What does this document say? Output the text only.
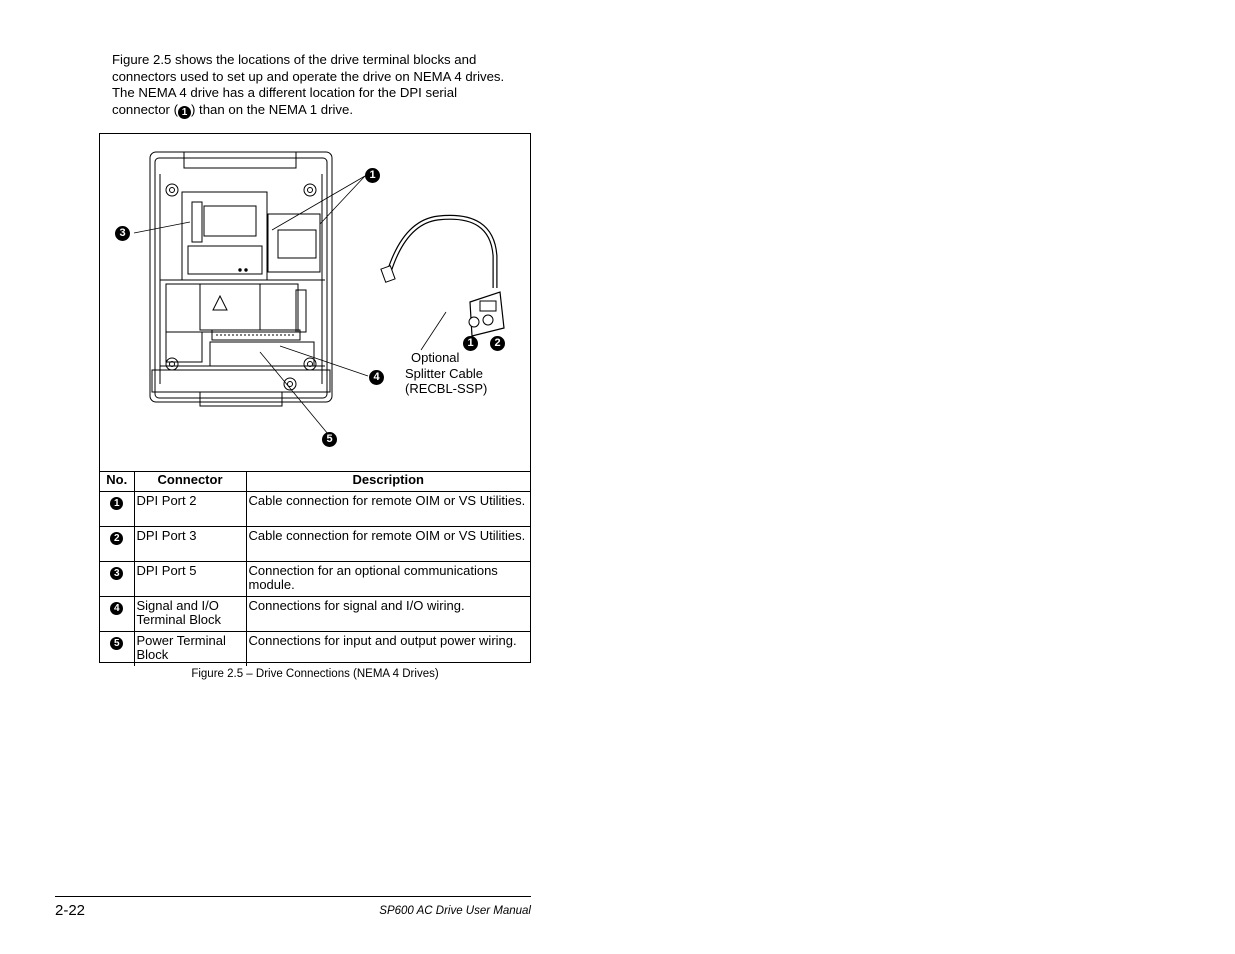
Figure 2.5 shows the locations of the drive terminal blocks and
connectors used to set up and operate the drive on NEMA 4 drives.
The NEMA 4 drive has a different location for the DPI serial
connector ( 1 ) than on the NEMA 1 drive.

1
3
4
5
1	2
Optional
Splitter Cable
(RECBL-SSP)
No.	Connector	Description
1	DPI Port 2	Cable connection for remote OIM or VS Utilities.
2	DPI Port 3	Cable connection for remote OIM or VS Utilities.
3	DPI Port 5	Connection for an optional communications module.
4	Signal and I/O Terminal Block	Connections for signal and I/O wiring.
5	Power Terminal Block	Connections for input and output power wiring.
Figure 2.5 – Drive Connections (NEMA 4 Drives)
2-22	SP600 AC Drive User Manual
